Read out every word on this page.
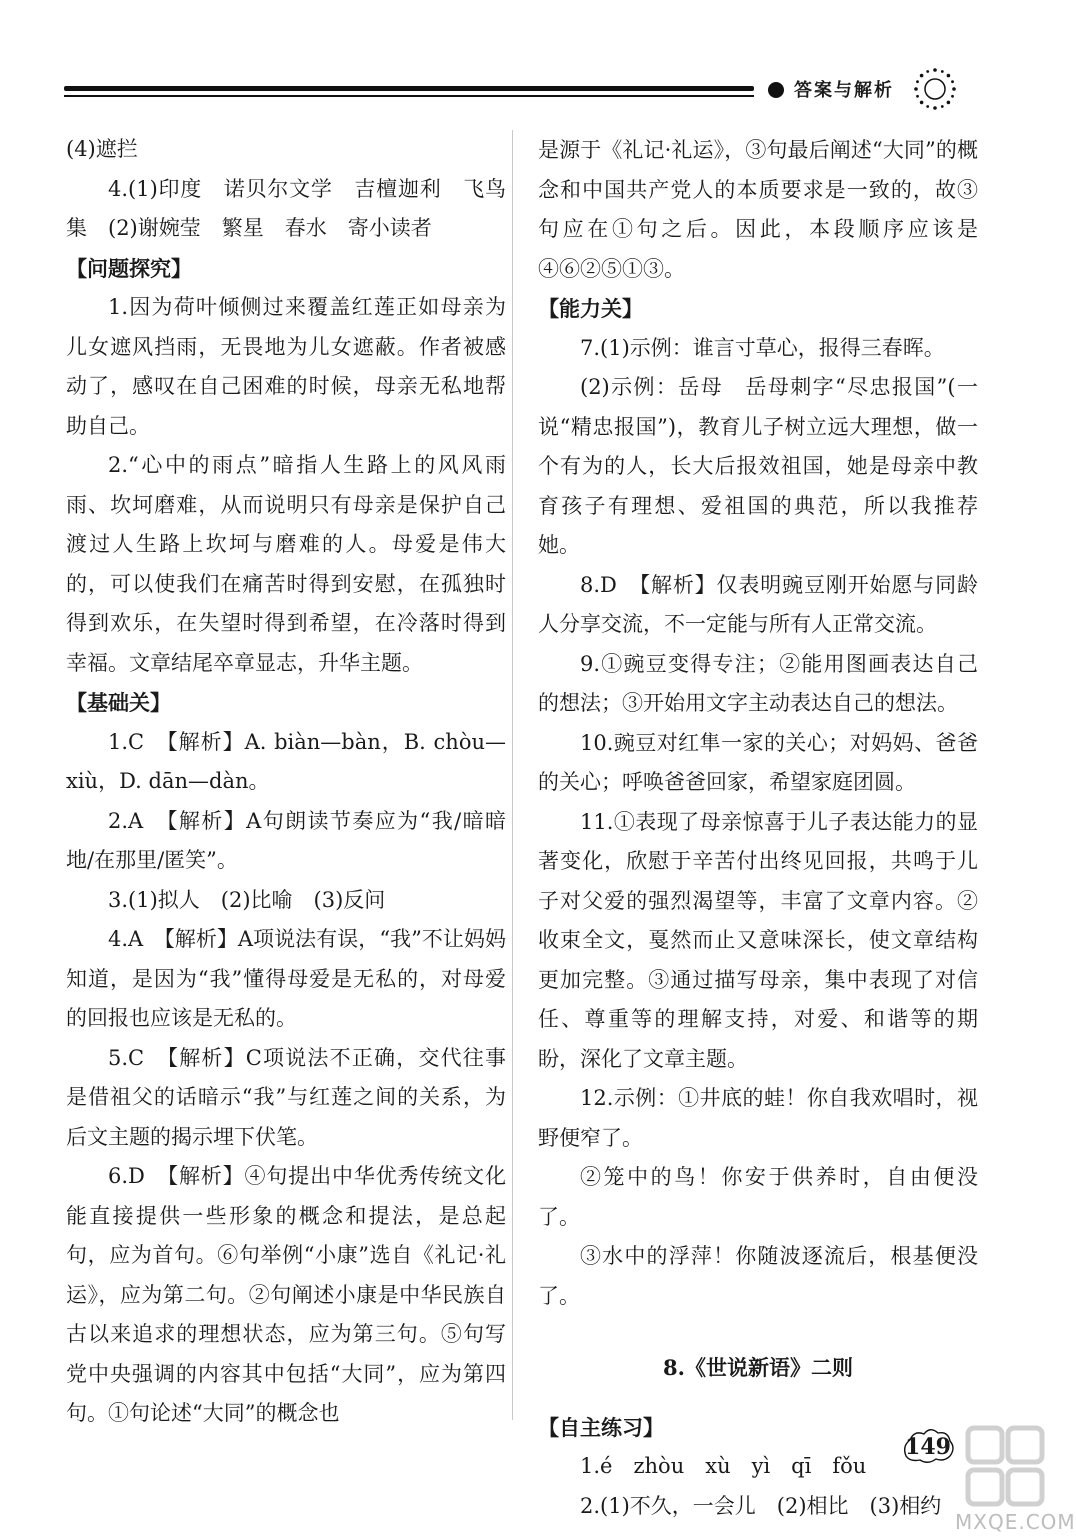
答案与解析

(4)遮拦

4.(1)印度　诺贝尔文学　吉檀迦利　飞鸟集　(2)谢婉莹　繁星　春水　寄小读者

【问题探究】

1.因为荷叶倾侧过来覆盖红莲正如母亲为儿女遮风挡雨，无畏地为儿女遮蔽。作者被感动了，感叹在自己困难的时候，母亲无私地帮助自己。

2.“心中的雨点”暗指人生路上的风风雨雨、坎坷磨难，从而说明只有母亲是保护自己渡过人生路上坎坷与磨难的人。母爱是伟大的，可以使我们在痛苦时得到安慰，在孤独时得到欢乐，在失望时得到希望，在冷落时得到幸福。文章结尾卒章显志，升华主题。

【基础关】

1.C　【解析】A. biàn—bàn，B. chòu—xiù，D. dān—dàn。

2.A　【解析】A句朗读节奏应为“我/暗暗地/在那里/匿笑”。

3.(1)拟人　(2)比喻　(3)反问

4.A　【解析】A项说法有误，“我”不让妈妈知道，是因为“我”懂得母爱是无私的，对母爱的回报也应该是无私的。

5.C　【解析】C项说法不正确，交代往事是借祖父的话暗示“我”与红莲之间的关系，为后文主题的揭示埋下伏笔。

6.D　【解析】④句提出中华优秀传统文化能直接提供一些形象的概念和提法，是总起句，应为首句。⑥句举例“小康”选自《礼记·礼运》，应为第二句。②句阐述小康是中华民族自古以来追求的理想状态，应为第三句。⑤句写党中央强调的内容其中包括“大同”，应为第四句。①句论述“大同”的概念也

是源于《礼记·礼运》，③句最后阐述“大同”的概念和中国共产党人的本质要求是一致的，故③句应在①句之后。因此，本段顺序应该是④⑥②⑤①③。

【能力关】

7.(1)示例：谁言寸草心，报得三春晖。

(2)示例：岳母　岳母刺字“尽忠报国”(一说“精忠报国”)，教育儿子树立远大理想，做一个有为的人，长大后报效祖国，她是母亲中教育孩子有理想、爱祖国的典范，所以我推荐她。

8.D　【解析】仅表明豌豆刚开始愿与同龄人分享交流，不一定能与所有人正常交流。

9.①豌豆变得专注；②能用图画表达自己的想法；③开始用文字主动表达自己的想法。

10.豌豆对红隼一家的关心；对妈妈、爸爸的关心；呼唤爸爸回家，希望家庭团圆。

11.①表现了母亲惊喜于儿子表达能力的显著变化，欣慰于辛苦付出终见回报，共鸣于儿子对父爱的强烈渴望等，丰富了文章内容。②收束全文，戛然而止又意味深长，使文章结构更加完整。③通过描写母亲，集中表现了对信任、尊重等的理解支持，对爱、和谐等的期盼，深化了文章主题。

12.示例：①井底的蛙！你自我欢唱时，视野便窄了。

②笼中的鸟！你安于供养时，自由便没了。

③水中的浮萍！你随波逐流后，根基便没了。

8.《世说新语》二则

【自主练习】

1.é　zhòu　xù　yì　qī　fǒu

2.(1)不久，一会儿　(2)相比　(3)相约

149
MXQE.COM
